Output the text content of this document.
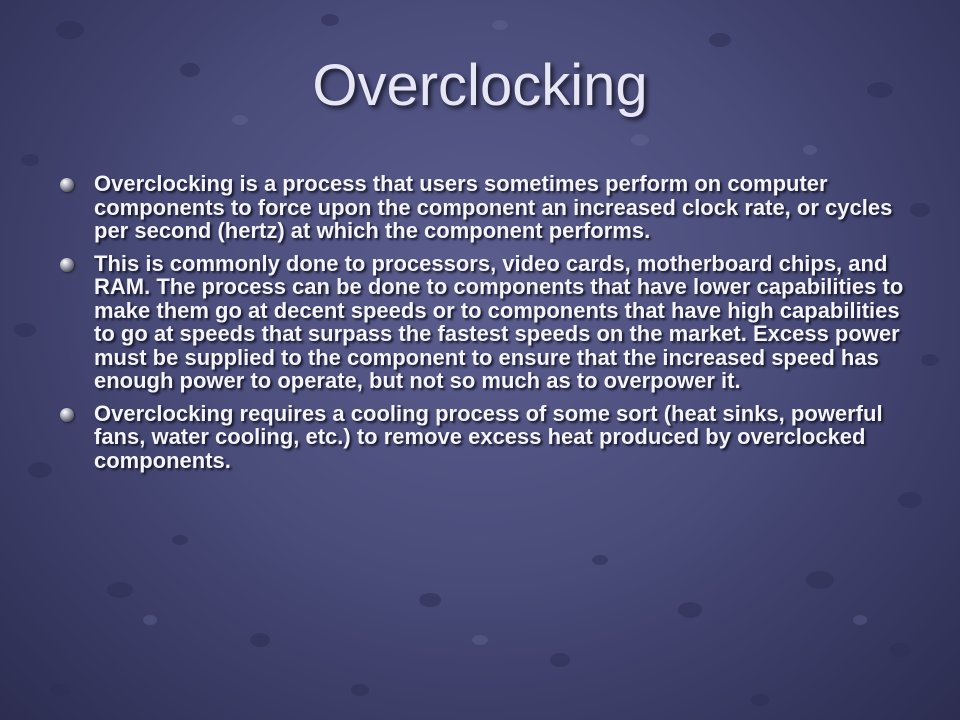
Overclocking
Overclocking is a process that users sometimes perform on computer components to force upon the component an increased clock rate, or cycles per second (hertz) at which the component performs.
This is commonly done to processors, video cards, motherboard chips, and RAM. The process can be done to components that have lower capabilities to make them go at decent speeds or to components that have high capabilities to go at speeds that surpass the fastest speeds on the market. Excess power must be supplied to the component to ensure that the increased speed has enough power to operate, but not so much as to overpower it.
Overclocking requires a cooling process of some sort (heat sinks, powerful fans, water cooling, etc.) to remove excess heat produced by overclocked components.
